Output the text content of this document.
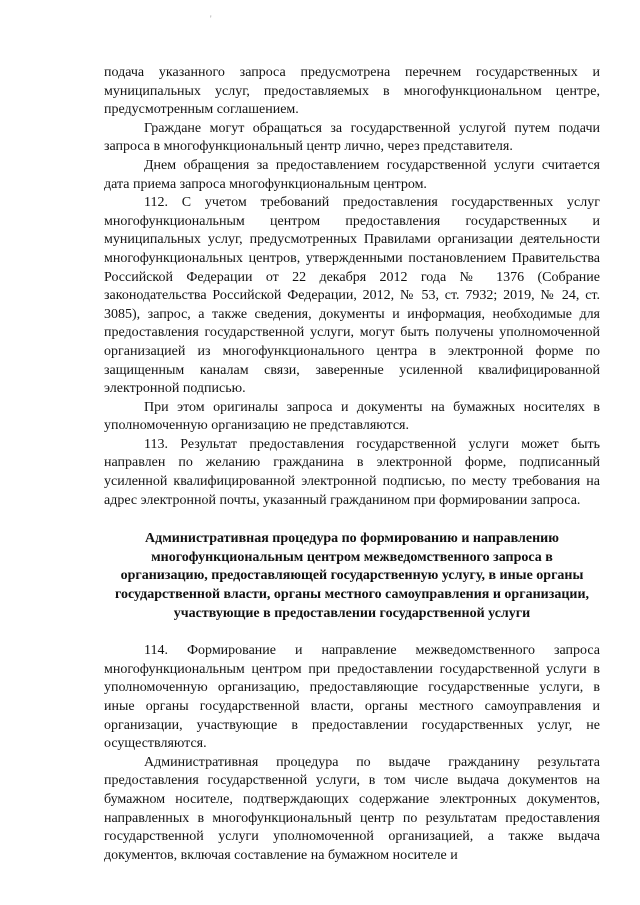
'

подача указанного запроса предусмотрена перечнем государственных и муниципальных услуг, предоставляемых в многофункциональном центре, предусмотренным соглашением.

Граждане могут обращаться за государственной услугой путем подачи запроса в многофункциональный центр лично, через представителя.

Днем обращения за предоставлением государственной услуги считается дата приема запроса многофункциональным центром.

112. С учетом требований предоставления государственных услуг многофункциональным центром предоставления государственных и муниципальных услуг, предусмотренных Правилами организации деятельности многофункциональных центров, утвержденными постановлением Правительства Российской Федерации от 22 декабря 2012 года № 1376 (Собрание законодательства Российской Федерации, 2012, № 53, ст. 7932; 2019, № 24, ст. 3085), запрос, а также сведения, документы и информация, необходимые для предоставления государственной услуги, могут быть получены уполномоченной организацией из многофункционального центра в электронной форме по защищенным каналам связи, заверенные усиленной квалифицированной электронной подписью.

При этом оригиналы запроса и документы на бумажных носителях в уполномоченную организацию не представляются.

113. Результат предоставления государственной услуги может быть направлен по желанию гражданина в электронной форме, подписанный усиленной квалифицированной электронной подписью, по месту требования на адрес электронной почты, указанный гражданином при формировании запроса.

Административная процедура по формированию и направлению многофункциональным центром межведомственного запроса в организацию, предоставляющей государственную услугу, в иные органы государственной власти, органы местного самоуправления и организации, участвующие в предоставлении государственной услуги

114. Формирование и направление межведомственного запроса многофункциональным центром при предоставлении государственной услуги в уполномоченную организацию, предоставляющие государственные услуги, в иные органы государственной власти, органы местного самоуправления и организации, участвующие в предоставлении государственных услуг, не осуществляются.

Административная процедура по выдаче гражданину результата предоставления государственной услуги, в том числе выдача документов на бумажном носителе, подтверждающих содержание электронных документов, направленных в многофункциональный центр по результатам предоставления государственной услуги уполномоченной организацией, а также выдача документов, включая составление на бумажном носителе и
